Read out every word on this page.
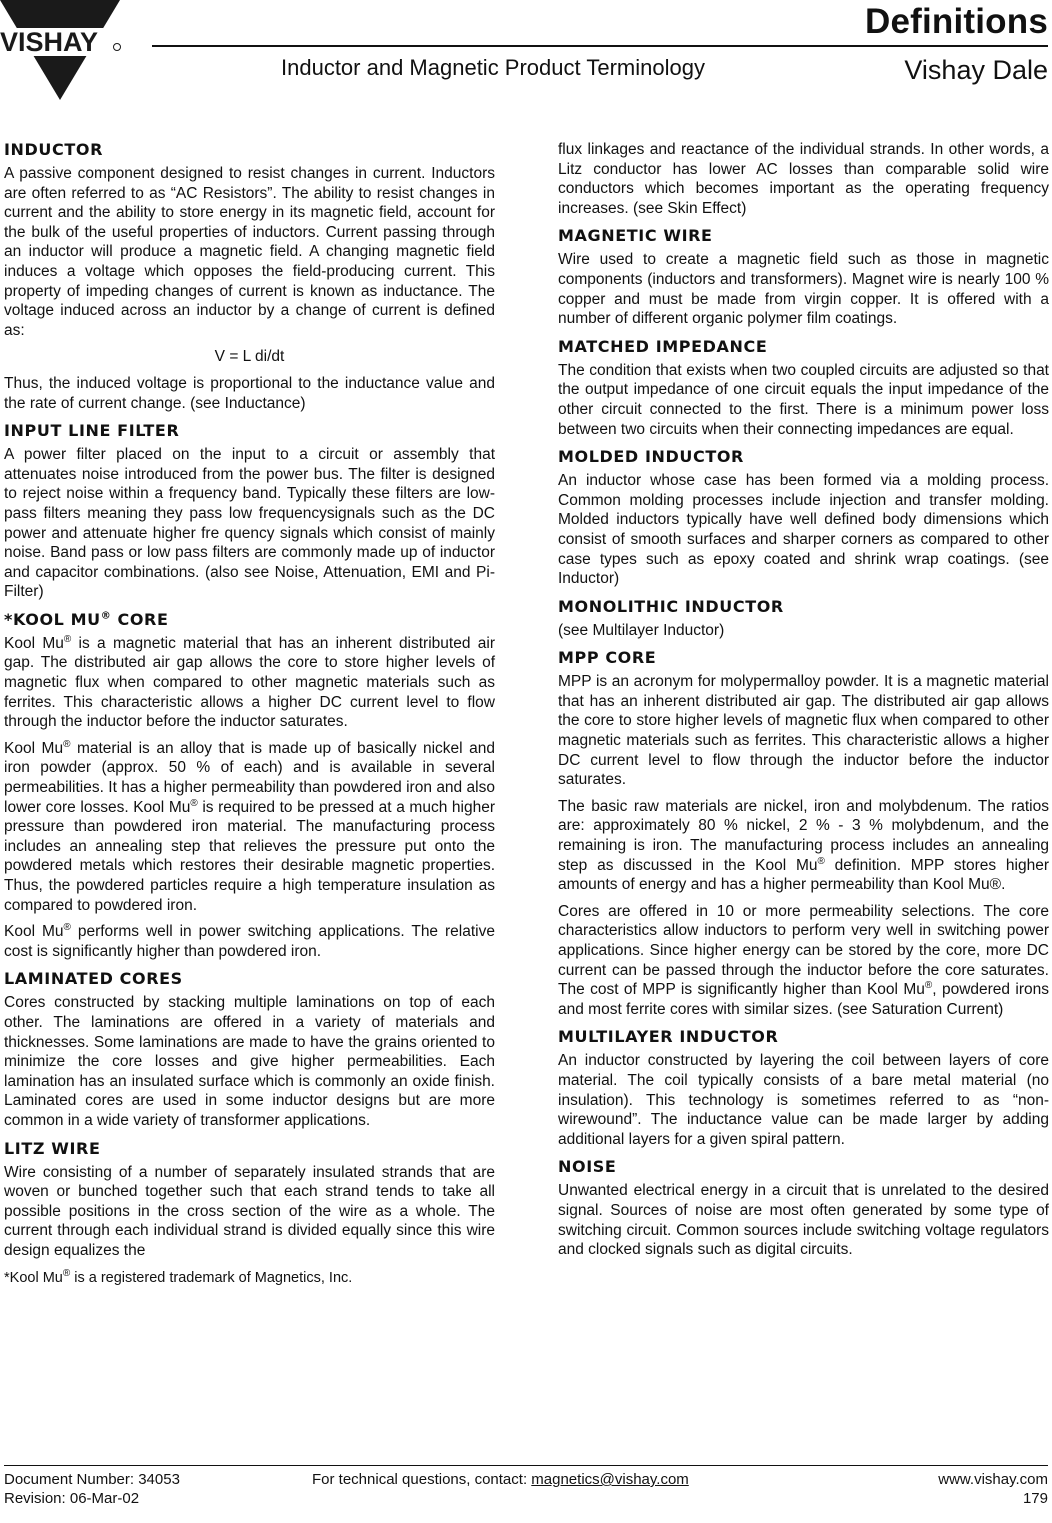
VISHAY
Definitions
Inductor and Magnetic Product Terminology	Vishay Dale
INDUCTOR

A passive component designed to resist changes in current. Inductors are often referred to as “AC Resistors”. The ability to resist changes in current and the ability to store energy in its magnetic field, account for the bulk of the useful properties of inductors. Current passing through an inductor will produce a magnetic field. A changing magnetic field induces a voltage which opposes the field-producing current. This property of impeding changes of current is known as inductance. The voltage induced across an inductor by a change of current is defined as:

V = L di/dt

Thus, the induced voltage is proportional to the inductance value and the rate of current change. (see Inductance)

INPUT LINE FILTER

A power filter placed on the input to a circuit or assembly that attenuates noise introduced from the power bus. The filter is designed to reject noise within a frequency band. Typically these filters are low-pass filters meaning they pass low frequencysignals such as the DC power and attenuate higher fre quency signals which consist of mainly noise. Band pass or low pass filters are commonly made up of inductor and capacitor combinations. (also see Noise, Attenuation, EMI and Pi-Filter)

*KOOL MU® CORE

Kool Mu® is a magnetic material that has an inherent distributed air gap. The distributed air gap allows the core to store higher levels of magnetic flux when compared to other magnetic materials such as ferrites. This characteristic allows a higher DC current level to flow through the inductor before the inductor saturates.

Kool Mu® material is an alloy that is made up of basically nickel and iron powder (approx. 50 % of each) and is available in several permeabilities. It has a higher permeability than powdered iron and also lower core losses. Kool Mu® is required to be pressed at a much higher pressure than powdered iron material. The manufacturing process includes an annealing step that relieves the pressure put onto the powdered metals which restores their desirable magnetic properties. Thus, the powdered particles require a high temperature insulation as compared to powdered iron.

Kool Mu® performs well in power switching applications. The relative cost is significantly higher than powdered iron.

LAMINATED CORES

Cores constructed by stacking multiple laminations on top of each other. The laminations are offered in a variety of materials and thicknesses. Some laminations are made to have the grains oriented to minimize the core losses and give higher permeabilities. Each lamination has an insulated surface which is commonly an oxide finish. Laminated cores are used in some inductor designs but are more common in a wide variety of transformer applications.

LITZ WIRE

Wire consisting of a number of separately insulated strands that are woven or bunched together such that each strand tends to take all possible positions in the cross section of the wire as a whole. The current through each individual strand is divided equally since this wire design equalizes the

*Kool Mu® is a registered trademark of Magnetics, Inc.

flux linkages and reactance of the individual strands. In other words, a Litz conductor has lower AC losses than comparable solid wire conductors which becomes important as the operating frequency increases. (see Skin Effect)

MAGNETIC WIRE

Wire used to create a magnetic field such as those in magnetic components (inductors and transformers). Magnet wire is nearly 100 % copper and must be made from virgin copper. It is offered with a number of different organic polymer film coatings.

MATCHED IMPEDANCE

The condition that exists when two coupled circuits are adjusted so that the output impedance of one circuit equals the input impedance of the other circuit connected to the first. There is a minimum power loss between two circuits when their connecting impedances are equal.

MOLDED INDUCTOR

An inductor whose case has been formed via a molding process. Common molding processes include injection and transfer molding. Molded inductors typically have well defined body dimensions which consist of smooth surfaces and sharper corners as compared to other case types such as epoxy coated and shrink wrap coatings. (see Inductor)

MONOLITHIC INDUCTOR

(see Multilayer Inductor)

MPP CORE

MPP is an acronym for molypermalloy powder. It is a magnetic material that has an inherent distributed air gap. The distributed air gap allows the core to store higher levels of magnetic flux when compared to other magnetic materials such as ferrites. This characteristic allows a higher DC current level to flow through the inductor before the inductor saturates.

The basic raw materials are nickel, iron and molybdenum. The ratios are: approximately 80 % nickel, 2 % - 3 % molybdenum, and the remaining is iron. The manufacturing process includes an annealing step as discussed in the Kool Mu® definition. MPP stores higher amounts of energy and has a higher permeability than Kool Mu®.

Cores are offered in 10 or more permeability selections. The core characteristics allow inductors to perform very well in switching power applications. Since higher energy can be stored by the core, more DC current can be passed through the inductor before the core saturates. The cost of MPP is significantly higher than Kool Mu®, powdered irons and most ferrite cores with similar sizes. (see Saturation Current)

MULTILAYER INDUCTOR

An inductor constructed by layering the coil between layers of core material. The coil typically consists of a bare metal material (no insulation). This technology is sometimes referred to as “non-wirewound”. The inductance value can be made larger by adding additional layers for a given spiral pattern.

NOISE

Unwanted electrical energy in a circuit that is unrelated to the desired signal. Sources of noise are most often generated by some type of switching circuit. Common sources include switching voltage regulators and clocked signals such as digital circuits.

Document Number: 34053
Revision: 06-Mar-02
For technical questions, contact: magnetics@vishay.com	www.vishay.com
179
